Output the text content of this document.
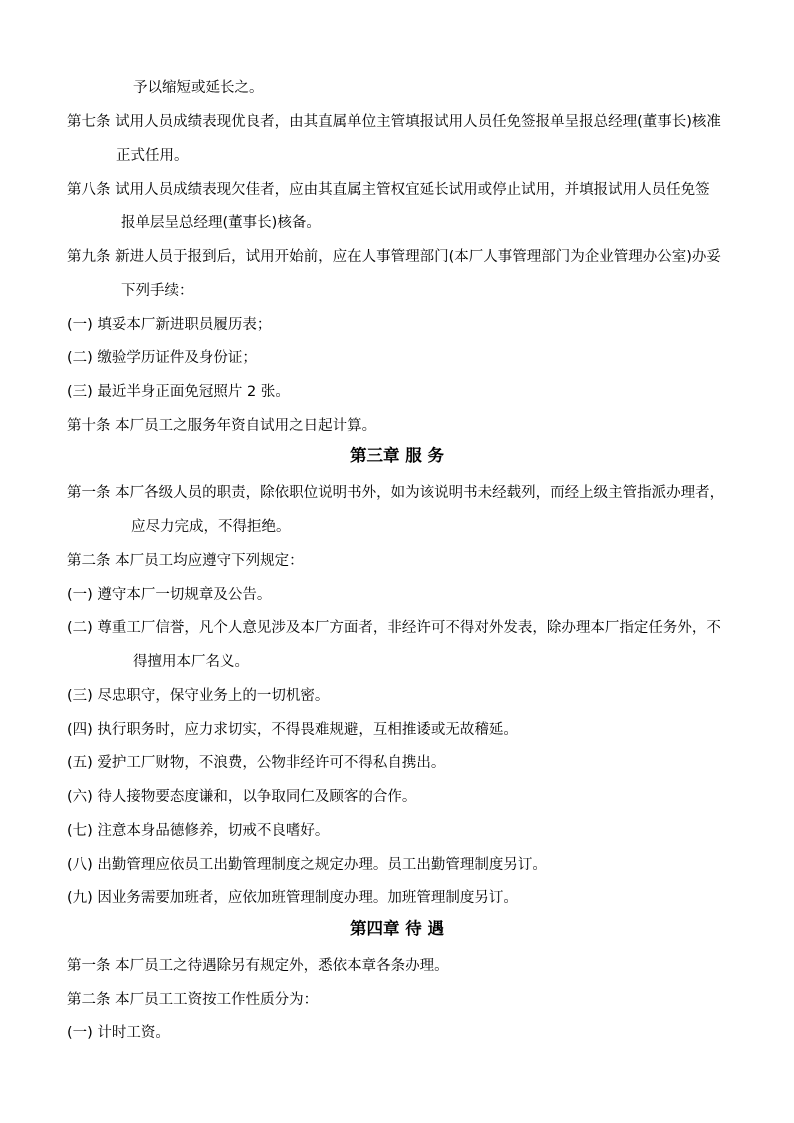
予以缩短或延长之。
第七条 试用人员成绩表现优良者，由其直属单位主管填报试用人员任免签报单呈报总经理(董事长)核准
正式任用。
第八条 试用人员成绩表现欠佳者，应由其直属主管权宜延长试用或停止试用，并填报试用人员任免签
报单层呈总经理(董事长)核备。
第九条 新进人员于报到后，试用开始前，应在人事管理部门(本厂人事管理部门为企业管理办公室)办妥
下列手续：
(一) 填妥本厂新进职员履历表；
(二) 缴验学历证件及身份证；
(三) 最近半身正面免冠照片 2 张。
第十条 本厂员工之服务年资自试用之日起计算。
第三章 服 务
第一条 本厂各级人员的职责，除依职位说明书外，如为该说明书未经载列，而经上级主管指派办理者，
应尽力完成，不得拒绝。
第二条 本厂员工均应遵守下列规定：
(一) 遵守本厂一切规章及公告。
(二) 尊重工厂信誉，凡个人意见涉及本厂方面者，非经许可不得对外发表，除办理本厂指定任务外，不
得擅用本厂名义。
(三) 尽忠职守，保守业务上的一切机密。
(四) 执行职务时，应力求切实，不得畏难规避，互相推诿或无故稽延。
(五) 爱护工厂财物，不浪费，公物非经许可不得私自携出。
(六) 待人接物要态度谦和，以争取同仁及顾客的合作。
(七) 注意本身品德修养，切戒不良嗜好。
(八) 出勤管理应依员工出勤管理制度之规定办理。员工出勤管理制度另订。
(九) 因业务需要加班者，应依加班管理制度办理。加班管理制度另订。
第四章 待 遇
第一条 本厂员工之待遇除另有规定外，悉依本章各条办理。
第二条 本厂员工工资按工作性质分为：
(一) 计时工资。
